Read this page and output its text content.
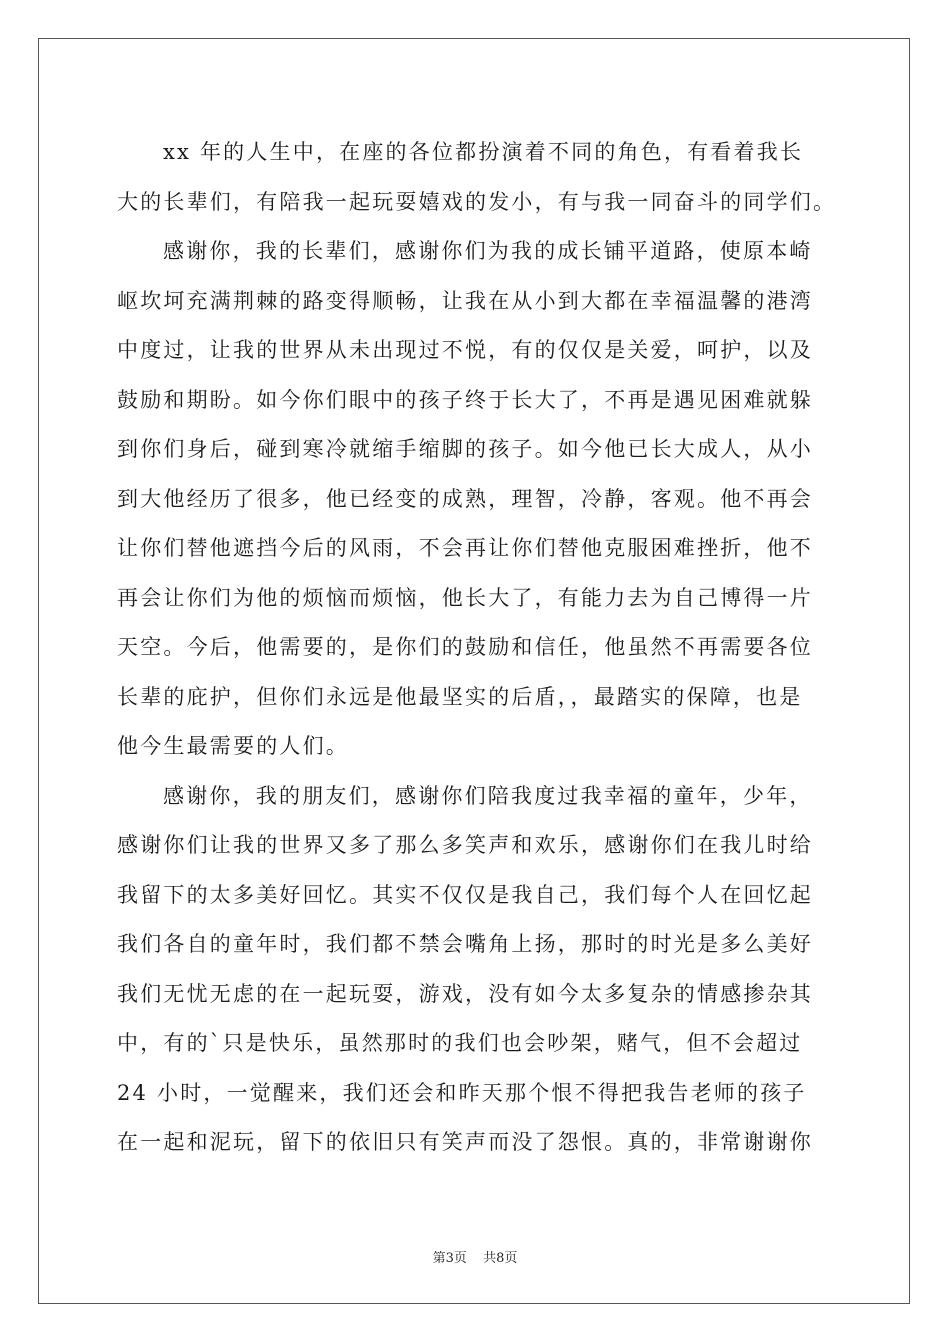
xx 年的人生中，在座的各位都扮演着不同的角色，有看着我长
大的长辈们，有陪我一起玩耍嬉戏的发小，有与我一同奋斗的同学们。
感谢你，我的长辈们，感谢你们为我的成长铺平道路，使原本崎
岖坎坷充满荆棘的路变得顺畅，让我在从小到大都在幸福温馨的港湾
中度过，让我的世界从未出现过不悦，有的仅仅是关爱，呵护，以及
鼓励和期盼。如今你们眼中的孩子终于长大了，不再是遇见困难就躲
到你们身后，碰到寒冷就缩手缩脚的孩子。如今他已长大成人，从小
到大他经历了很多，他已经变的成熟，理智，冷静，客观。他不再会
让你们替他遮挡今后的风雨，不会再让你们替他克服困难挫折，他不
再会让你们为他的烦恼而烦恼，他长大了，有能力去为自己博得一片
天空。今后，他需要的，是你们的鼓励和信任，他虽然不再需要各位
长辈的庇护，但你们永远是他最坚实的后盾，，最踏实的保障，也是
他今生最需要的人们。
感谢你，我的朋友们，感谢你们陪我度过我幸福的童年，少年，
感谢你们让我的世界又多了那么多笑声和欢乐，感谢你们在我儿时给
我留下的太多美好回忆。其实不仅仅是我自己，我们每个人在回忆起
我们各自的童年时，我们都不禁会嘴角上扬，那时的时光是多么美好
我们无忧无虑的在一起玩耍，游戏，没有如今太多复杂的情感掺杂其
中，有的`只是快乐，虽然那时的我们也会吵架，赌气，但不会超过
24 小时，一觉醒来，我们还会和昨天那个恨不得把我告老师的孩子
在一起和泥玩，留下的依旧只有笑声而没了怨恨。真的，非常谢谢你
第3页 共8页
